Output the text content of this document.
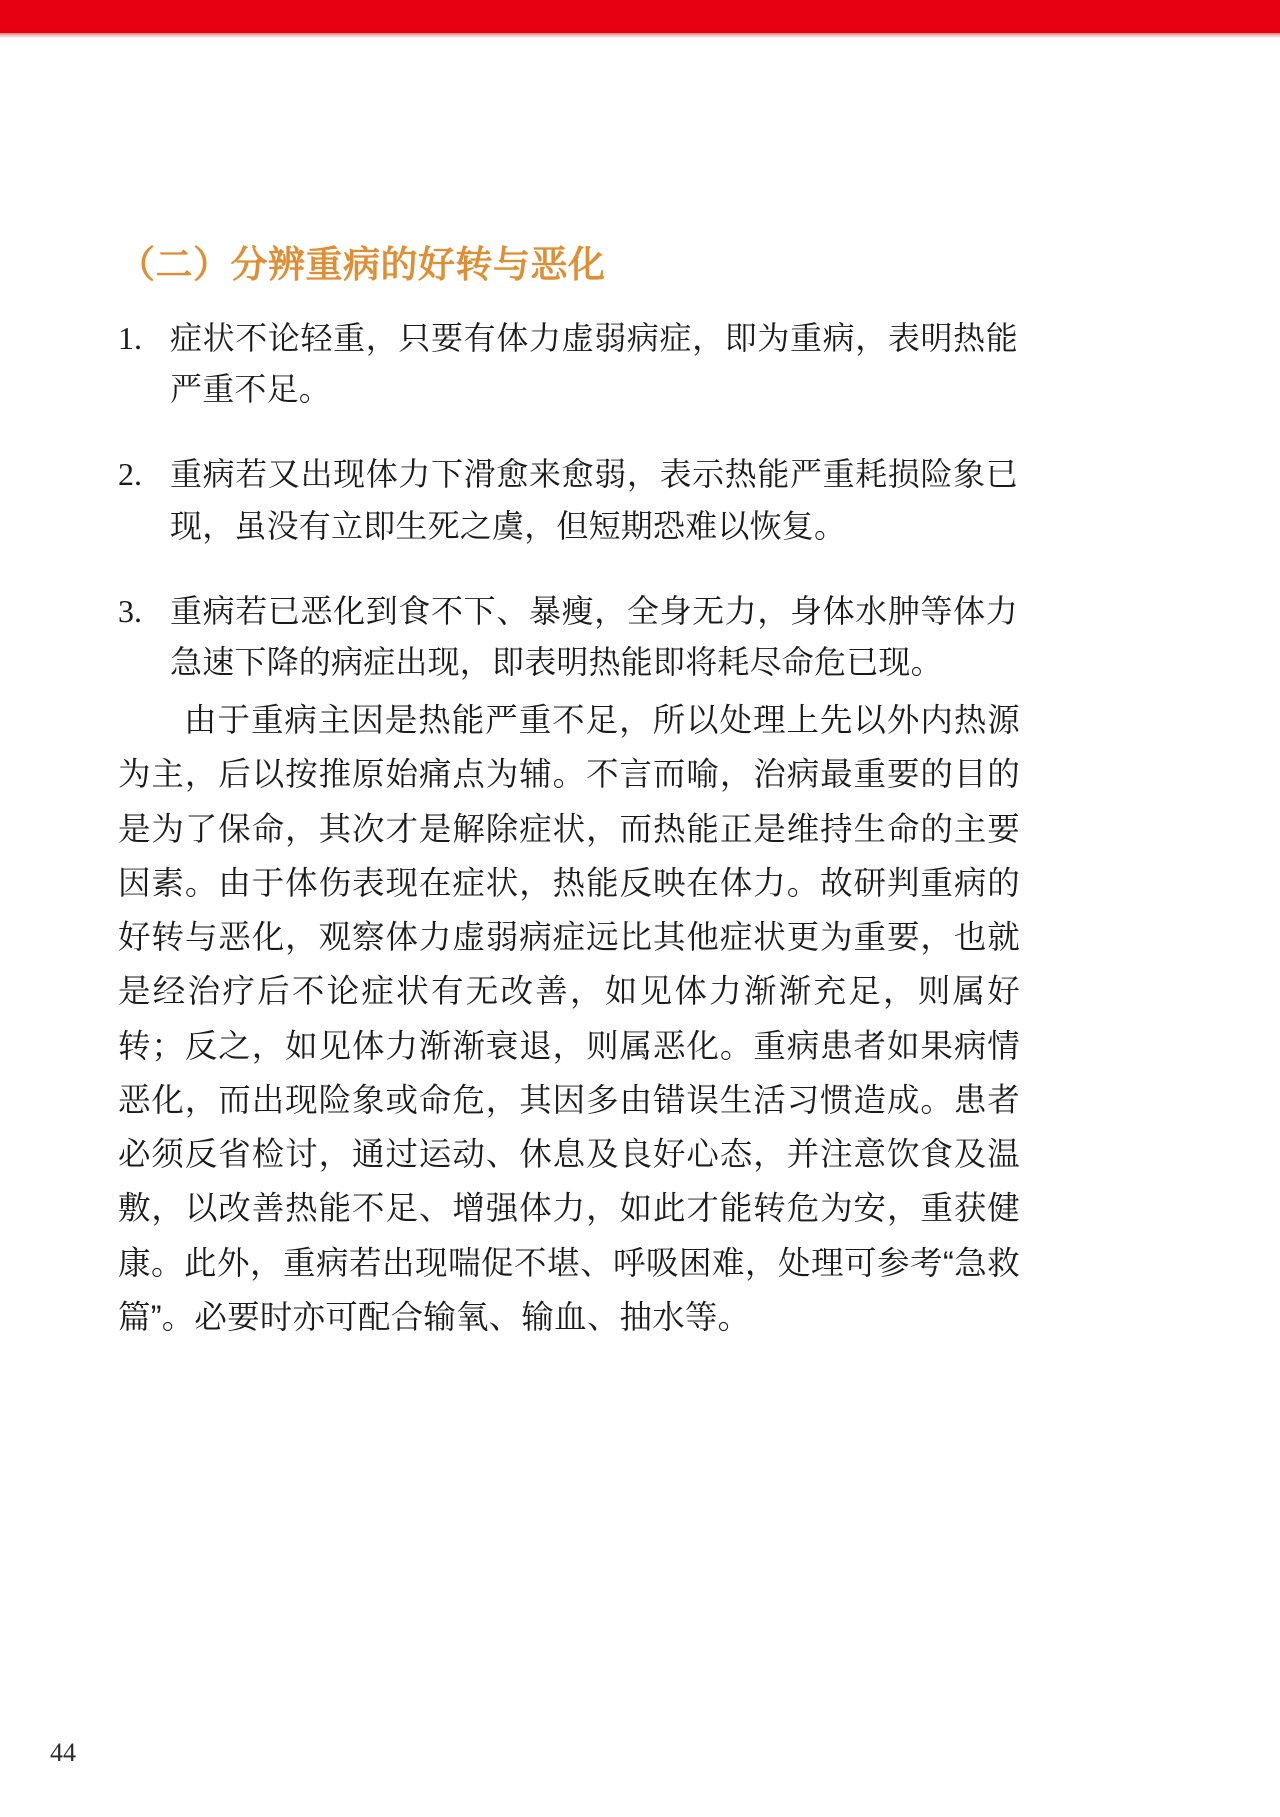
（二）分辨重病的好转与恶化
1. 症状不论轻重，只要有体力虚弱病症，即为重病，表明热能严重不足。
2. 重病若又出现体力下滑愈来愈弱，表示热能严重耗损险象已现，虽没有立即生死之虞，但短期恐难以恢复。
3. 重病若已恶化到食不下、暴瘦，全身无力，身体水肿等体力急速下降的病症出现，即表明热能即将耗尽命危已现。
由于重病主因是热能严重不足，所以处理上先以外内热源为主，后以按推原始痛点为辅。不言而喻，治病最重要的目的是为了保命，其次才是解除症状，而热能正是维持生命的主要因素。由于体伤表现在症状，热能反映在体力。故研判重病的好转与恶化，观察体力虚弱病症远比其他症状更为重要，也就是经治疗后不论症状有无改善，如见体力渐渐充足，则属好转；反之，如见体力渐渐衰退，则属恶化。重病患者如果病情恶化，而出现险象或命危，其因多由错误生活习惯造成。患者必须反省检讨，通过运动、休息及良好心态，并注意饮食及温敷，以改善热能不足、增强体力，如此才能转危为安，重获健康。此外，重病若出现喘促不堪、呼吸困难，处理可参考“急救篇”。必要时亦可配合输氧、输血、抽水等。
44
